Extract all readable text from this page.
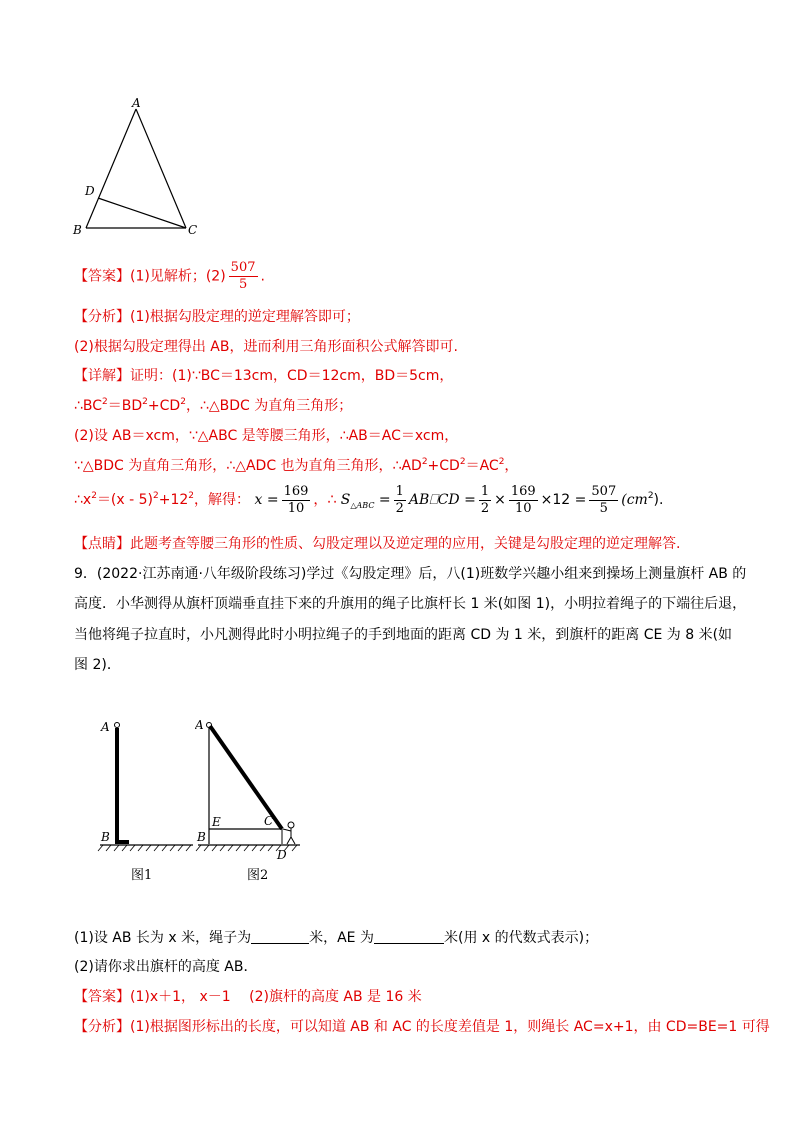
A
D
B	C
【答案】(1)见解析；$(2) \frac{507}{5}$ .
【分析】(1)根据勾股定理的逆定理解答即可；
(2)根据勾股定理得出 AB，进而利用三角形面积公式解答即可.
【详解】证明：(1)∵BC＝13cm，CD＝12cm，BD＝5cm，
$\therefore BC^2=BD^2+CD^2$，∴△BDC 为直角三角形；
(2)设 AB＝xcm，∵△ABC 是等腰三角形，∴AB＝AC＝xcm，
∵△BDC 为直角三角形，∴△ADC 也为直角三角形，$\therefore AD^2+CD^2=AC^2$，
$\therefore x^2=(x - 5)^2+12^2$，解得： $x = \frac{169}{10}$ ，∴ $S_{\triangle ABC} = \frac{1}{2}$ AB⎕CD = $\frac{1}{2} \times \frac{169}{10} \times 12 = \frac{507}{5} (cm^2)$.
【点睛】此题考查等腰三角形的性质、勾股定理以及逆定理的应用，关键是勾股定理的逆定理解答.
9．(2022·江苏南通·八年级阶段练习)学过《勾股定理》后，八(1)班数学兴趣小组来到操场上测量旗杆 AB 的
高度．小华测得从旗杆顶端垂直挂下来的升旗用的绳子比旗杆长 1 米(如图 1)，小明拉着绳子的下端往后退，
当他将绳子拉直时，小凡测得此时小明拉绳子的手到地面的距离 CD 为 1 米，到旗杆的距离 CE 为 8 米(如
图 2)．
A
B
图1
A
E	C
B
D
图2
(1)设 AB 长为 x 米，绳子为	米，AE 为	米(用 x 的代数式表示)；
(2)请你求出旗杆的高度 AB．
【答案】(1)x＋1， x－1　 (2)旗杆的高度 AB 是 16 米
【分析】(1)根据图形标出的长度，可以知道 AB 和 AC 的长度差值是 1，则绳长 AC=x+1，由 CD=BE=1 可得
